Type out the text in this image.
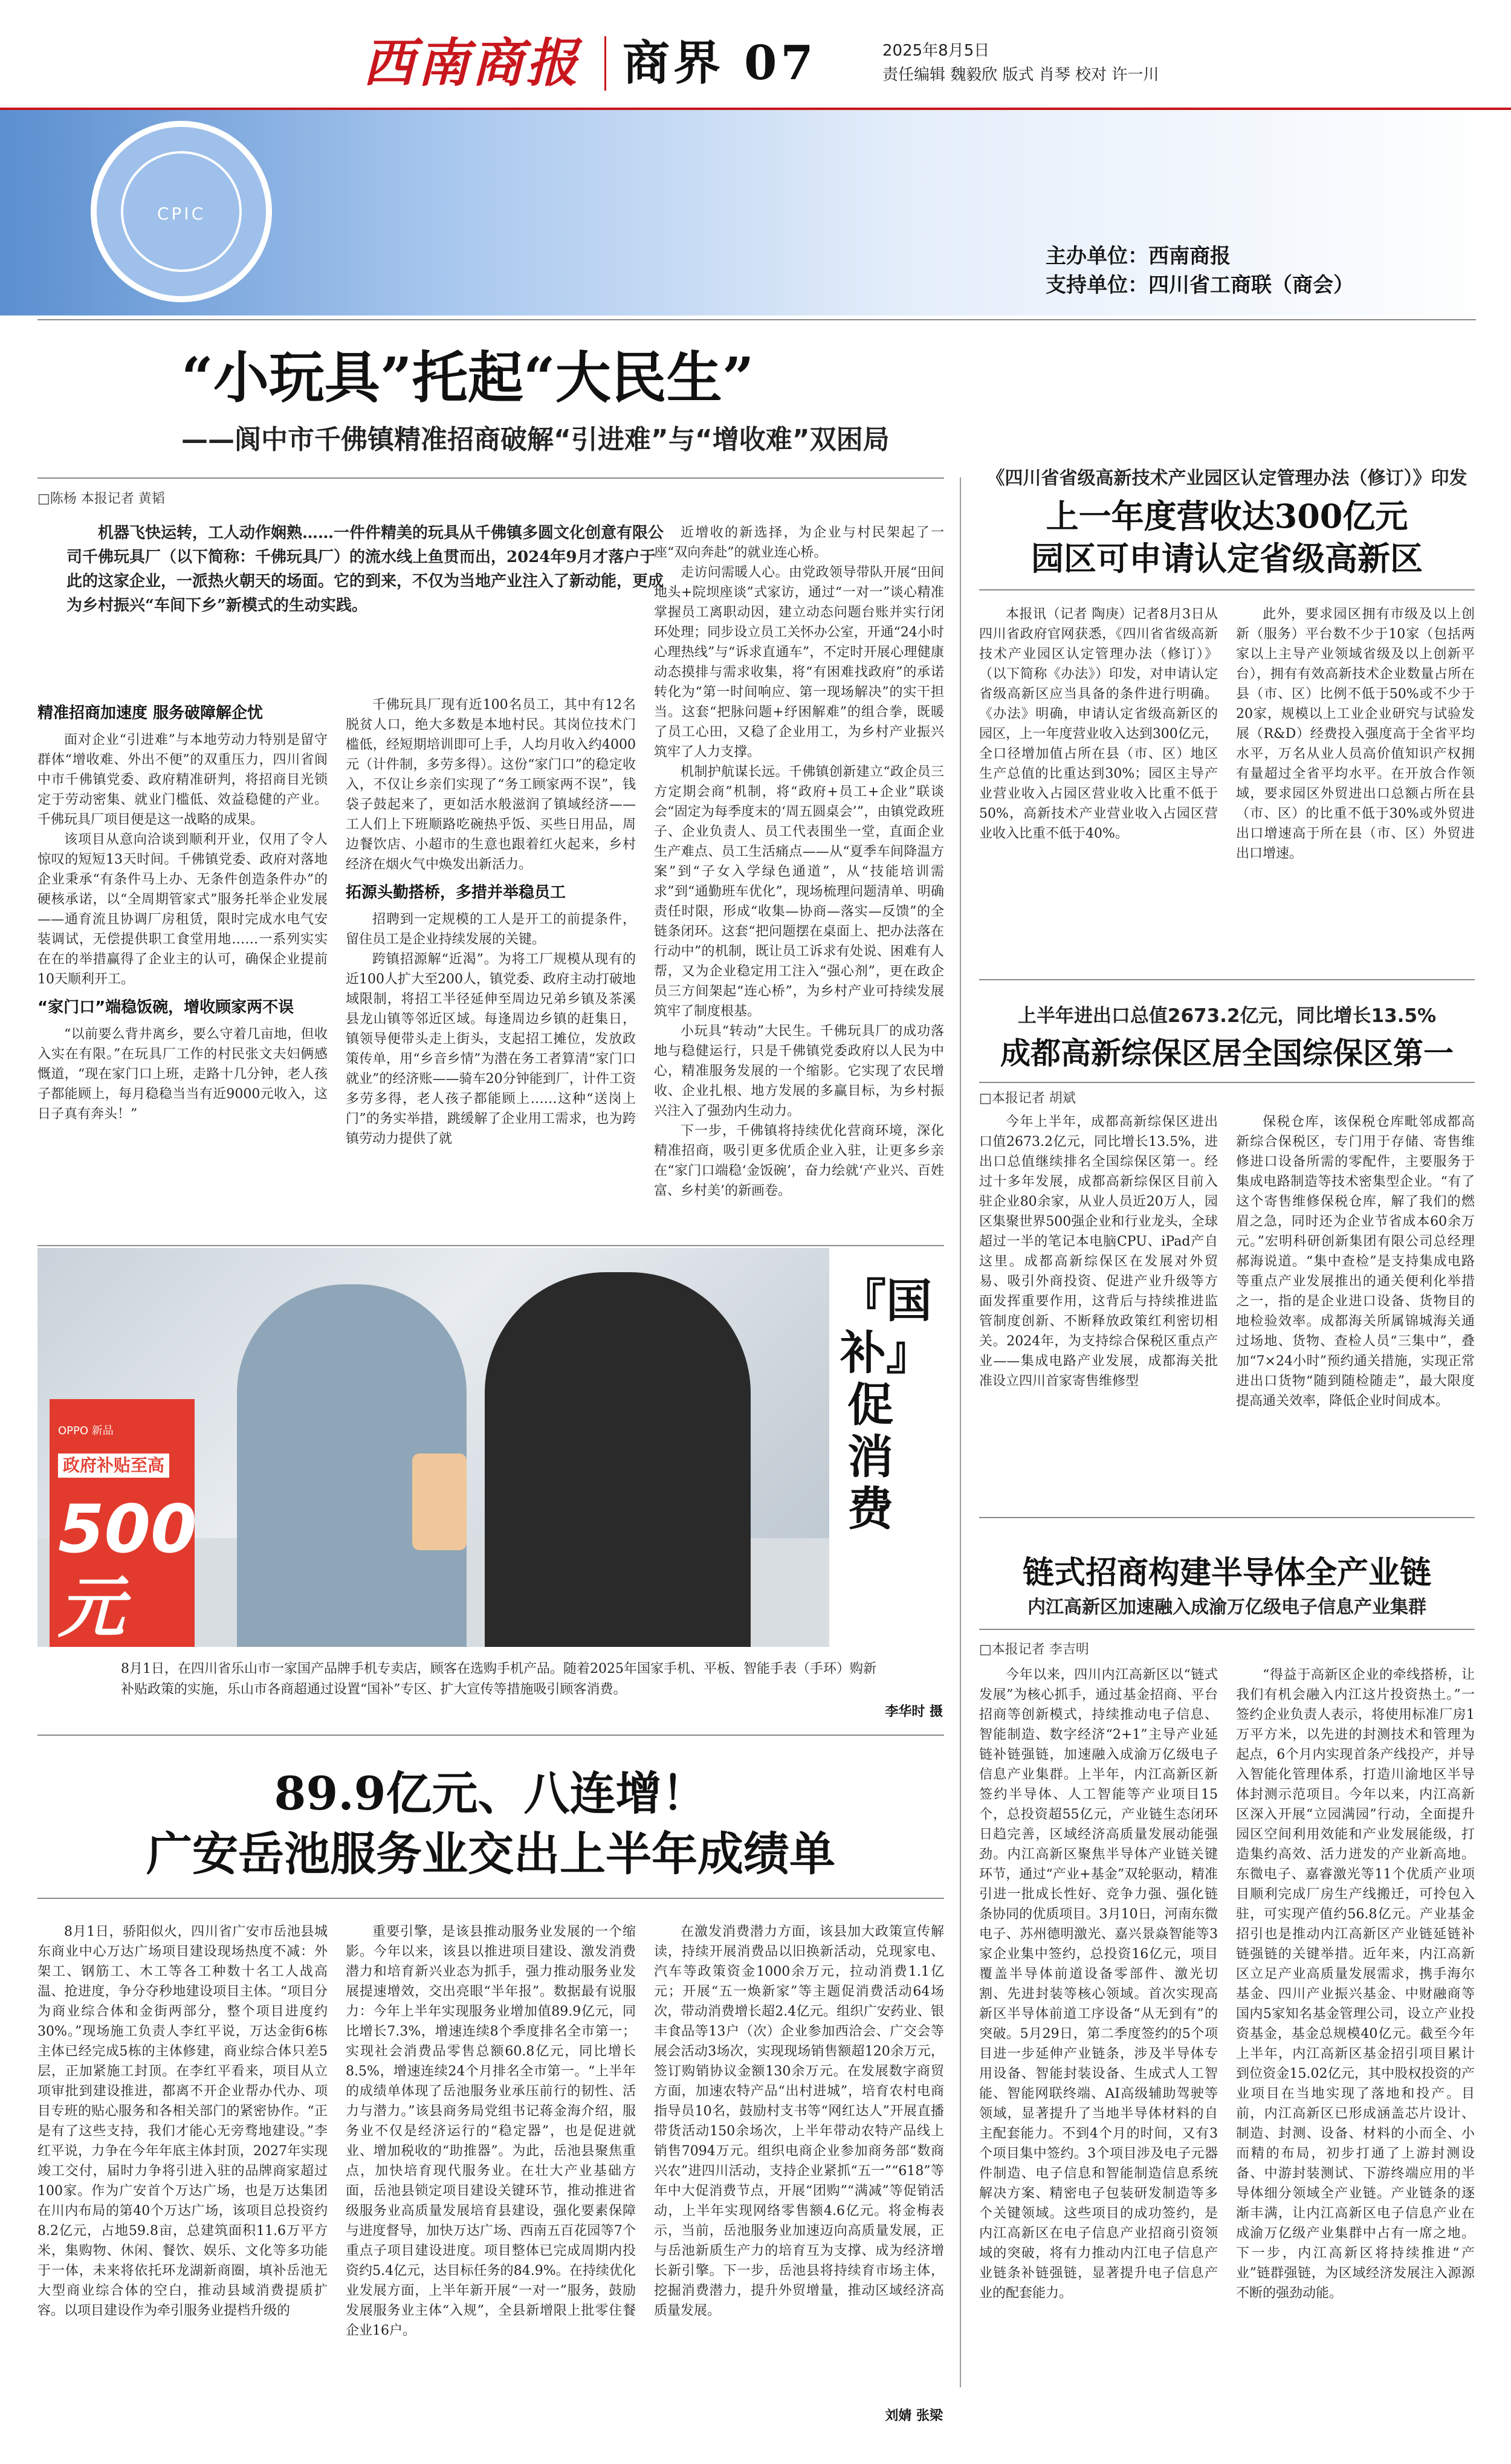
西南商报 商界 07	2025年8月5日
责任编辑 魏毅欣 版式 肖琴 校对 许一川
CPIC
主办单位：西南商报
支持单位：四川省工商联（商会）
“小玩具”托起“大民生”
——阆中市千佛镇精准招商破解“引进难”与“增收难”双困局
□陈杨 本报记者 黄韬
机器飞快运转，工人动作娴熟……一件件精美的玩具从千佛镇多圆文化创意有限公司千佛玩具厂（以下简称：千佛玩具厂）的流水线上鱼贯而出，2024年9月才落户于此的这家企业，一派热火朝天的场面。它的到来，不仅为当地产业注入了新动能，更成为乡村振兴“车间下乡”新模式的生动实践。
精准招商加速度 服务破障解企忧

面对企业“引进难”与本地劳动力特别是留守群体“增收难、外出不便”的双重压力，四川省阆中市千佛镇党委、政府精准研判，将招商目光锁定于劳动密集、就业门槛低、效益稳健的产业。千佛玩具厂项目便是这一战略的成果。

该项目从意向洽谈到顺利开业，仅用了令人惊叹的短短13天时间。千佛镇党委、政府对落地企业秉承“有条件马上办、无条件创造条件办”的硬核承诺，以“全周期管家式”服务托举企业发展——通育流且协调厂房租赁，限时完成水电气安装调试，无偿提供职工食堂用地……一系列实实在在的举措赢得了企业主的认可，确保企业提前10天顺利开工。

“家门口”端稳饭碗，增收顾家两不误

“以前要么背井离乡，要么守着几亩地，但收入实在有限。”在玩具厂工作的村民张文夫妇俩感慨道，“现在家门口上班，走路十几分钟，老人孩子都能顾上，每月稳稳当当有近9000元收入，这日子真有奔头！”

千佛玩具厂现有近100名员工，其中有12名脱贫人口，绝大多数是本地村民。其岗位技术门槛低，经短期培训即可上手，人均月收入约4000元（计件制，多劳多得）。这份“家门口”的稳定收入，不仅让乡亲们实现了“务工顾家两不误”，钱袋子鼓起来了，更如活水般滋润了镇域经济——工人们上下班顺路吃碗热乎饭、买些日用品，周边餐饮店、小超市的生意也跟着红火起来，乡村经济在烟火气中焕发出新活力。

拓源头勤搭桥，多措并举稳员工

招聘到一定规模的工人是开工的前提条件，留住员工是企业持续发展的关键。

跨镇招源解“近渴”。为将工厂规模从现有的近100人扩大至200人，镇党委、政府主动打破地域限制，将招工半径延伸至周边兄弟乡镇及茶溪县龙山镇等邻近区域。每逢周边乡镇的赶集日，镇领导便带头走上街头，支起招工摊位，发放政策传单，用“乡音乡情”为潜在务工者算清“家门口就业”的经济账——骑车20分钟能到厂，计件工资多劳多得，老人孩子都能顾上……这种“送岗上门”的务实举措，跳缓解了企业用工需求，也为跨镇劳动力提供了就

近增收的新选择，为企业与村民架起了一座“双向奔赴”的就业连心桥。

走访问需暖人心。由党政领导带队开展“田间地头+院坝座谈”式家访，通过“一对一”谈心精准掌握员工离职动因，建立动态问题台账并实行闭环处理；同步设立员工关怀办公室，开通“24小时心理热线”与“诉求直通车”，不定时开展心理健康动态摸排与需求收集，将“有困难找政府”的承诺转化为“第一时间响应、第一现场解决”的实干担当。这套“把脉问题+纾困解难”的组合拳，既暖了员工心田，又稳了企业用工，为乡村产业振兴筑牢了人力支撑。

机制护航谋长远。千佛镇创新建立“政企员三方定期会商”机制，将“政府+员工+企业”联谈会“固定为每季度末的‘周五圆桌会’”，由镇党政班子、企业负责人、员工代表围坐一堂，直面企业生产难点、员工生活痛点——从“夏季车间降温方案”到“子女入学绿色通道”，从“技能培训需求”到“通勤班车优化”，现场梳理问题清单、明确责任时限，形成“收集—协商—落实—反馈”的全链条闭环。这套“把问题摆在桌面上、把办法落在行动中”的机制，既让员工诉求有处说、困难有人帮，又为企业稳定用工注入“强心剂”，更在政企员三方间架起“连心桥”，为乡村产业可持续发展筑牢了制度根基。

小玩具“转动”大民生。千佛玩具厂的成功落地与稳健运行，只是千佛镇党委政府以人民为中心，精准服务发展的一个缩影。它实现了农民增收、企业扎根、地方发展的多赢目标，为乡村振兴注入了强劲内生动力。

下一步，千佛镇将持续优化营商环境，深化精准招商，吸引更多优质企业入驻，让更多乡亲在“家门口端稳‘金饭碗’，奋力绘就‘产业兴、百姓富、乡村美’的新画卷。

《四川省省级高新技术产业园区认定管理办法（修订）》印发
上一年度营收达300亿元
园区可申请认定省级高新区

本报讯（记者 陶庚）记者8月3日从四川省政府官网获悉，《四川省省级高新技术产业园区认定管理办法（修订）》（以下简称《办法》）印发，对申请认定省级高新区应当具备的条件进行明确。《办法》明确，申请认定省级高新区的园区，上一年度营业收入达到300亿元，全口径增加值占所在县（市、区）地区生产总值的比重达到30%；园区主导产业营业收入占园区营业收入比重不低于50%，高新技术产业营业收入占园区营业收入比重不低于40%。

此外，要求园区拥有市级及以上创新（服务）平台数不少于10家（包括两家以上主导产业领域省级及以上创新平台），拥有有效高新技术企业数量占所在县（市、区）比例不低于50%或不少于20家，规模以上工业企业研究与试验发展（R&D）经费投入强度高于全省平均水平，万名从业人员高价值知识产权拥有量超过全省平均水平。在开放合作领域，要求园区外贸进出口总额占所在县（市、区）的比重不低于30%或外贸进出口增速高于所在县（市、区）外贸进出口增速。

上半年进出口总值2673.2亿元，同比增长13.5%
成都高新综保区居全国综保区第一
□本报记者 胡斌

今年上半年，成都高新综保区进出口值2673.2亿元，同比增长13.5%，进出口总值继续排名全国综保区第一。经过十多年发展，成都高新综保区目前入驻企业80余家，从业人员近20万人，园区集聚世界500强企业和行业龙头，全球超过一半的笔记本电脑CPU、iPad产自这里。成都高新综保区在发展对外贸易、吸引外商投资、促进产业升级等方面发挥重要作用，这背后与持续推进监管制度创新、不断释放政策红利密切相关。2024年，为支持综合保税区重点产业——集成电路产业发展，成都海关批准设立四川首家寄售维修型

保税仓库，该保税仓库毗邻成都高新综合保税区，专门用于存储、寄售维修进口设备所需的零配件，主要服务于集成电路制造等技术密集型企业。“有了这个寄售维修保税仓库，解了我们的燃眉之急，同时还为企业节省成本60余万元。”宏明科研创新集团有限公司总经理郝海说道。“集中查检”是支持集成电路等重点产业发展推出的通关便利化举措之一，指的是企业进口设备、货物目的地检验效率。成都海关所属锦城海关通过场地、货物、查检人员“三集中”，叠加“7×24小时”预约通关措施，实现正常进出口货物“随到随检随走”，最大限度提高通关效率，降低企业时间成本。

链式招商构建半导体全产业链
内江高新区加速融入成渝万亿级电子信息产业集群
□本报记者 李吉明

今年以来，四川内江高新区以“链式发展”为核心抓手，通过基金招商、平台招商等创新模式，持续推动电子信息、智能制造、数字经济“2+1”主导产业延链补链强链，加速融入成渝万亿级电子信息产业集群。上半年，内江高新区新签约半导体、人工智能等产业项目15个，总投资超55亿元，产业链生态闭环日趋完善，区域经济高质量发展动能强劲。内江高新区聚焦半导体产业链关键环节，通过“产业+基金”双轮驱动，精准引进一批成长性好、竞争力强、强化链条协同的优质项目。3月10日，河南东微电子、苏州德明激光、嘉兴景焱智能等3家企业集中签约，总投资16亿元，项目覆盖半导体前道设备零部件、激光切割、先进封装等核心领域。首次实现高新区半导体前道工序设备“从无到有”的突破。5月29日，第二季度签约的5个项目进一步延伸产业链条，涉及半导体专用设备、智能封装设备、生成式人工智能、智能网联终端、AI高级辅助驾驶等领域，显著提升了当地半导体材料的自主配套能力。不到4个月的时间，又有3个项目集中签约。3个项目涉及电子元器件制造、电子信息和智能制造信息系统解决方案、精密电子包装研发制造等多个关键领域。这些项目的成功签约，是内江高新区在电子信息产业招商引资领域的突破，将有力推动内江电子信息产业链条补链强链，显著提升电子信息产业的配套能力。

“得益于高新区企业的牵线搭桥，让我们有机会融入内江这片投资热土。”一签约企业负责人表示，将使用标准厂房1万平方米，以先进的封测技术和管理为起点，6个月内实现首条产线投产，并导入智能化管理体系，打造川渝地区半导体封测示范项目。今年以来，内江高新区深入开展“立园满园”行动，全面提升园区空间利用效能和产业发展能级，打造集约高效、活力迸发的产业新高地。东微电子、嘉睿激光等11个优质产业项目顺利完成厂房生产线搬迁，可拎包入驻，可实现产值约56.8亿元。产业基金招引也是推动内江高新区产业链延链补链强链的关键举措。近年来，内江高新区立足产业高质量发展需求，携手海尔基金、四川产业振兴基金、中财融商等国内5家知名基金管理公司，设立产业投资基金，基金总规模40亿元。截至今年上半年，内江高新区基金招引项目累计到位资金15.02亿元，其中股权投资的产业项目在当地实现了落地和投产。目前，内江高新区已形成涵盖芯片设计、制造、封测、设备、材料的小而全、小而精的布局，初步打通了上游封测设备、中游封装测试、下游终端应用的半导体细分领域全产业链。产业链条的逐渐丰满，让内江高新区电子信息产业在成渝万亿级产业集群中占有一席之地。下一步，内江高新区将持续推进“产业”链群强链，为区域经济发展注入源源不断的强劲动能。

OPPO 新品
政府补贴至高
500元
『国补』促消费
8月1日，在四川省乐山市一家国产品牌手机专卖店，顾客在选购手机产品。随着2025年国家手机、平板、智能手表（手环）购新补贴政策的实施，乐山市各商超通过设置“国补”专区、扩大宣传等措施吸引顾客消费。
李华时 摄
89.9亿元、八连增！
广安岳池服务业交出上半年成绩单

8月1日，骄阳似火，四川省广安市岳池县城东商业中心万达广场项目建设现场热度不减：外架工、钢筋工、木工等各工种数十名工人战高温、抢进度，争分夺秒地建设项目主体。“项目分为商业综合体和金街两部分，整个项目进度约30%。”现场施工负责人李红平说，万达金街6栋主体已经完成5栋的主体修建，商业综合体只差5层，正加紧施工封顶。在李红平看来，项目从立项审批到建设推进，都离不开企业帮办代办、项目专班的贴心服务和各相关部门的紧密协作。“正是有了这些支持，我们才能心无旁骛地建设。”李红平说，力争在今年年底主体封顶，2027年实现竣工交付，届时力争将引进入驻的品牌商家超过100家。作为广安首个万达广场，也是万达集团在川内布局的第40个万达广场，该项目总投资约8.2亿元，占地59.8亩，总建筑面积11.6万平方米，集购物、休闲、餐饮、娱乐、文化等多功能于一体，未来将依托环龙湖新商圈，填补岳池无大型商业综合体的空白，推动县域消费提质扩容。以项目建设作为牵引服务业提档升级的

重要引擎，是该县推动服务业发展的一个缩影。今年以来，该县以推进项目建设、激发消费潜力和培育新兴业态为抓手，强力推动服务业发展提速增效，交出亮眼“半年报”。数据最有说服力：今年上半年实现服务业增加值89.9亿元，同比增长7.3%，增速连续8个季度排名全市第一；实现社会消费品零售总额60.8亿元，同比增长8.5%，增速连续24个月排名全市第一。“上半年的成绩单体现了岳池服务业承压前行的韧性、活力与潜力。”该县商务局党组书记蒋金海介绍，服务业不仅是经济运行的“稳定器”，也是促进就业、增加税收的“助推器”。为此，岳池县聚焦重点，加快培育现代服务业。在壮大产业基础方面，岳池县锁定项目建设关键环节，推动推进省级服务业高质量发展培育县建设，强化要素保障与进度督导，加快万达广场、西南五百花园等7个重点子项目建设进度。项目整体已完成周期内投资约5.4亿元，达目标任务的84.9%。在持续优化业发展方面，上半年新开展“一对一”服务，鼓励发展服务业主体“入规”，全县新增限上批零住餐企业16户。

在激发消费潜力方面，该县加大政策宣传解读，持续开展消费品以旧换新活动，兑现家电、汽车等政策资金1000余万元，拉动消费1.1亿元；开展“五一焕新家”等主题促消费活动64场次，带动消费增长超2.4亿元。组织广安药业、银丰食品等13户（次）企业参加西洽会、广交会等展会活动3场次，实现现场销售额超120余万元，签订购销协议金额130余万元。在发展数字商贸方面，加速农特产品“出村进城”，培育农村电商指导员10名，鼓励村支书等“网红达人”开展直播带货活动150余场次，上半年带动农特产品线上销售7094万元。组织电商企业参加商务部“数商兴农”进四川活动，支持企业紧抓“五一”“618”等年中大促消费节点，开展“团购”“满减”等促销活动，上半年实现网络零售额4.6亿元。将金梅表示，当前，岳池服务业加速迈向高质量发展，正与岳池新质生产力的培育互为支撑、成为经济增长新引擎。下一步，岳池县将持续育市场主体，挖掘消费潜力，提升外贸增量，推动区域经济高质量发展。

刘婧 张梁
